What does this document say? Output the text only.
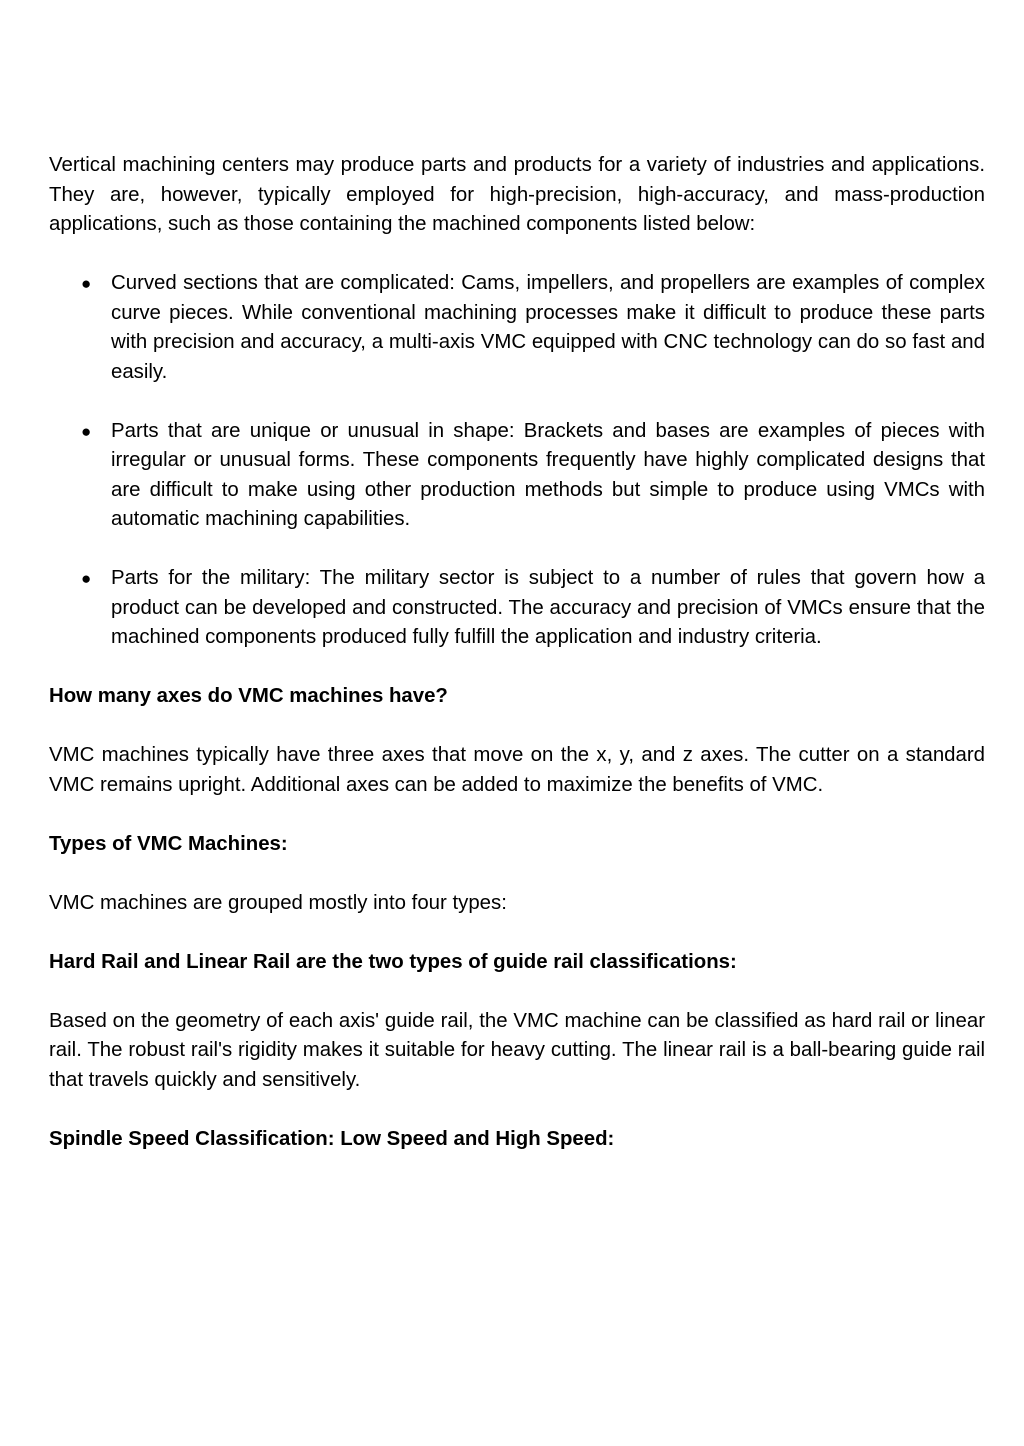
Vertical machining centers may produce parts and products for a variety of industries and applications. They are, however, typically employed for high-precision, high-accuracy, and mass-production applications, such as those containing the machined components listed below:

● Curved sections that are complicated: Cams, impellers, and propellers are examples of complex curve pieces. While conventional machining processes make it difficult to produce these parts with precision and accuracy, a multi-axis VMC equipped with CNC technology can do so fast and easily.
● Parts that are unique or unusual in shape: Brackets and bases are examples of pieces with irregular or unusual forms. These components frequently have highly complicated designs that are difficult to make using other production methods but simple to produce using VMCs with automatic machining capabilities.
● Parts for the military: The military sector is subject to a number of rules that govern how a product can be developed and constructed. The accuracy and precision of VMCs ensure that the machined components produced fully fulfill the application and industry criteria.

How many axes do VMC machines have?

VMC machines typically have three axes that move on the x, y, and z axes. The cutter on a standard VMC remains upright. Additional axes can be added to maximize the benefits of VMC.

Types of VMC Machines:

VMC machines are grouped mostly into four types:

Hard Rail and Linear Rail are the two types of guide rail classifications:

Based on the geometry of each axis' guide rail, the VMC machine can be classified as hard rail or linear rail. The robust rail's rigidity makes it suitable for heavy cutting. The linear rail is a ball-bearing guide rail that travels quickly and sensitively.

Spindle Speed Classification: Low Speed and High Speed:
